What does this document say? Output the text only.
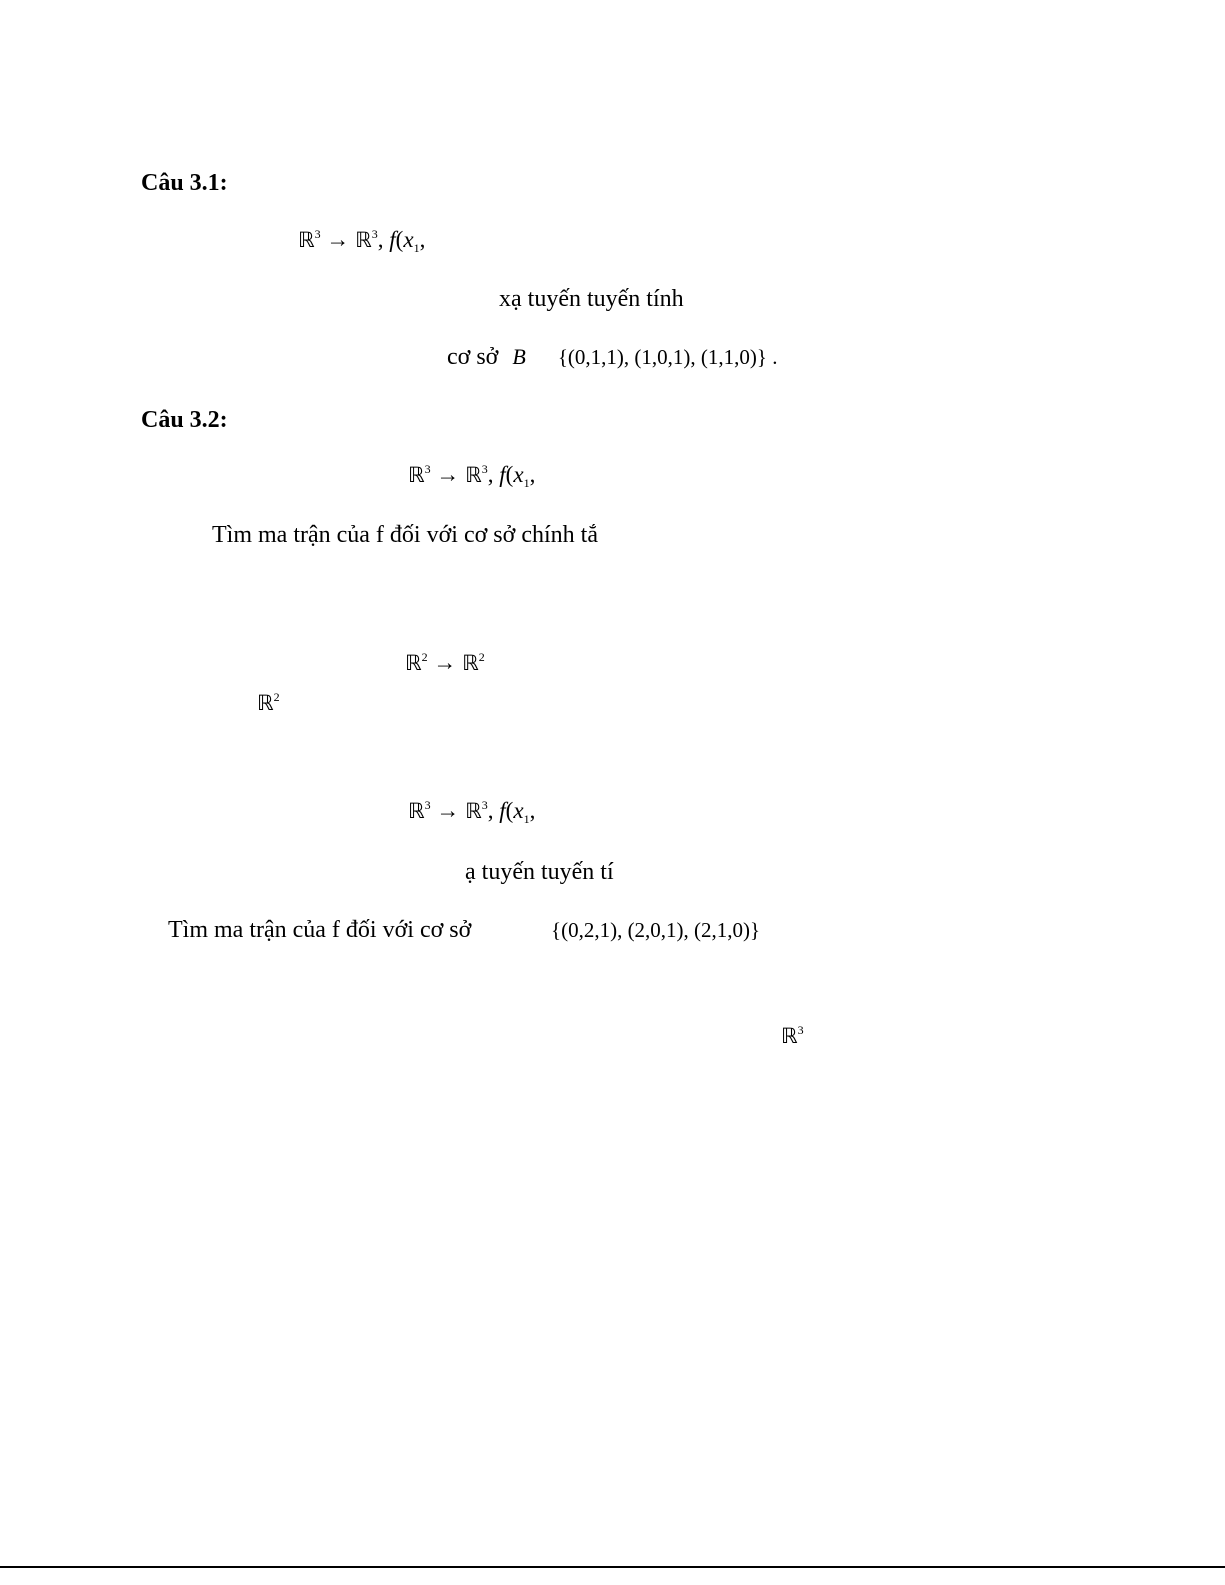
Câu 3.1:
ℝ$^3$ → ℝ$^3$, $f(x_1$,
xạ tuyến tuyến tính
cơ sở B {(0,1,1), (1,0,1), (1,1,0)} .
Câu 3.2:
ℝ$^3$ → ℝ$^3$, $f(x_1$,
Tìm ma trận của f đối với cơ sở chính tắ
ℝ$^2$ → ℝ$^2$
ℝ$^2$
ℝ$^3$ → ℝ$^3$, $f(x_1$,
ạ tuyến tuyến tí
Tìm ma trận của f đối với cơ sở	{(0,2,1), (2,0,1), (2,1,0)}
ℝ$^3$
